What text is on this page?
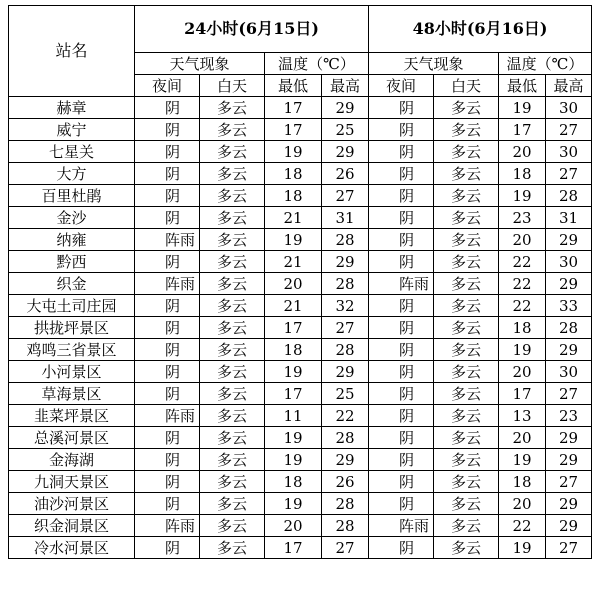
站名	24小时(6月15日)				48小时(6月16日)			
	天气现象		温度（℃）		天气现象		温度（℃）	
	夜间	白天	最低	最高	夜间	白天	最低	最高
赫章	阴	多云	17	29	阴	多云	19	30
威宁	阴	多云	17	25	阴	多云	17	27
七星关	阴	多云	19	29	阴	多云	20	30
大方	阴	多云	18	26	阴	多云	18	27
百里杜鹃	阴	多云	18	27	阴	多云	19	28
金沙	阴	多云	21	31	阴	多云	23	31
纳雍	阵雨	多云	19	28	阴	多云	20	29
黔西	阴	多云	21	29	阴	多云	22	30
织金	阵雨	多云	20	28	阵雨	多云	22	29
大屯土司庄园	阴	多云	21	32	阴	多云	22	33
拱拢坪景区	阴	多云	17	27	阴	多云	18	28
鸡鸣三省景区	阴	多云	18	28	阴	多云	19	29
小河景区	阴	多云	19	29	阴	多云	20	30
草海景区	阴	多云	17	25	阴	多云	17	27
韭菜坪景区	阵雨	多云	11	22	阴	多云	13	23
总溪河景区	阴	多云	19	28	阴	多云	20	29
金海湖	阴	多云	19	29	阴	多云	19	29
九洞天景区	阴	多云	18	26	阴	多云	18	27
油沙河景区	阴	多云	19	28	阴	多云	20	29
织金洞景区	阵雨	多云	20	28	阵雨	多云	22	29
冷水河景区	阴	多云	17	27	阴	多云	19	27
